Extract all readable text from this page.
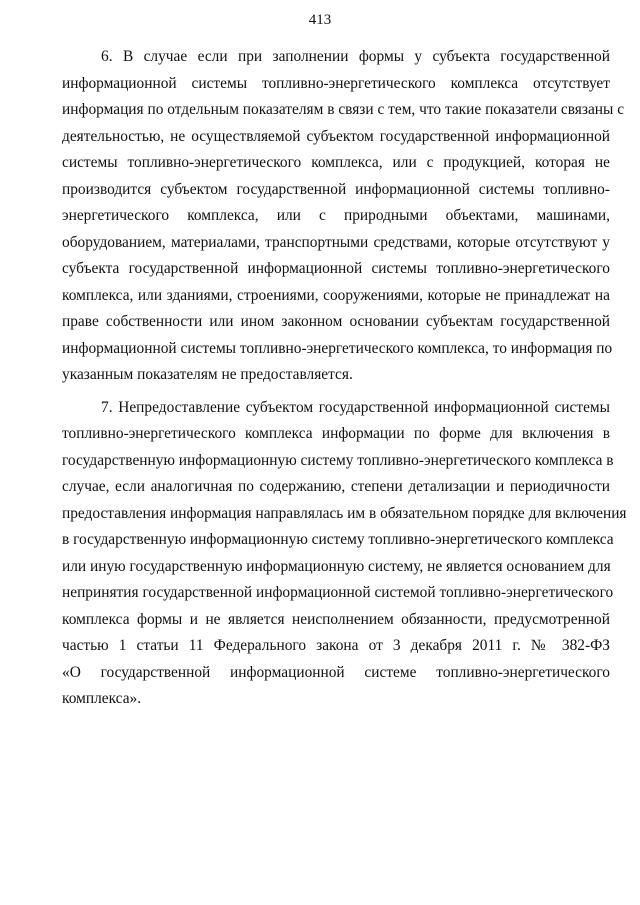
413
6. В случае если при заполнении формы у субъекта государственной
информационной системы топливно-энергетического комплекса отсутствует
информация по отдельным показателям в связи с тем, что такие показатели связаны с
деятельностью, не осуществляемой субъектом государственной информационной
системы топливно-энергетического комплекса, или с продукцией, которая не
производится субъектом государственной информационной системы топливно-
энергетического комплекса, или с природными объектами, машинами,
оборудованием, материалами, транспортными средствами, которые отсутствуют у
субъекта государственной информационной системы топливно-энергетического
комплекса, или зданиями, строениями, сооружениями, которые не принадлежат на
праве собственности или ином законном основании субъектам государственной
информационной системы топливно-энергетического комплекса, то информация по
указанным показателям не предоставляется.
7. Непредоставление субъектом государственной информационной системы
топливно-энергетического комплекса информации по форме для включения в
государственную информационную систему топливно-энергетического комплекса в
случае, если аналогичная по содержанию, степени детализации и периодичности
предоставления информация направлялась им в обязательном порядке для включения
в государственную информационную систему топливно-энергетического комплекса
или иную государственную информационную систему, не является основанием для
непринятия государственной информационной системой топливно-энергетического
комплекса формы и не является неисполнением обязанности, предусмотренной
частью 1 статьи 11 Федерального закона от 3 декабря 2011 г. № 382-ФЗ
«О государственной информационной системе топливно-энергетического
комплекса».
